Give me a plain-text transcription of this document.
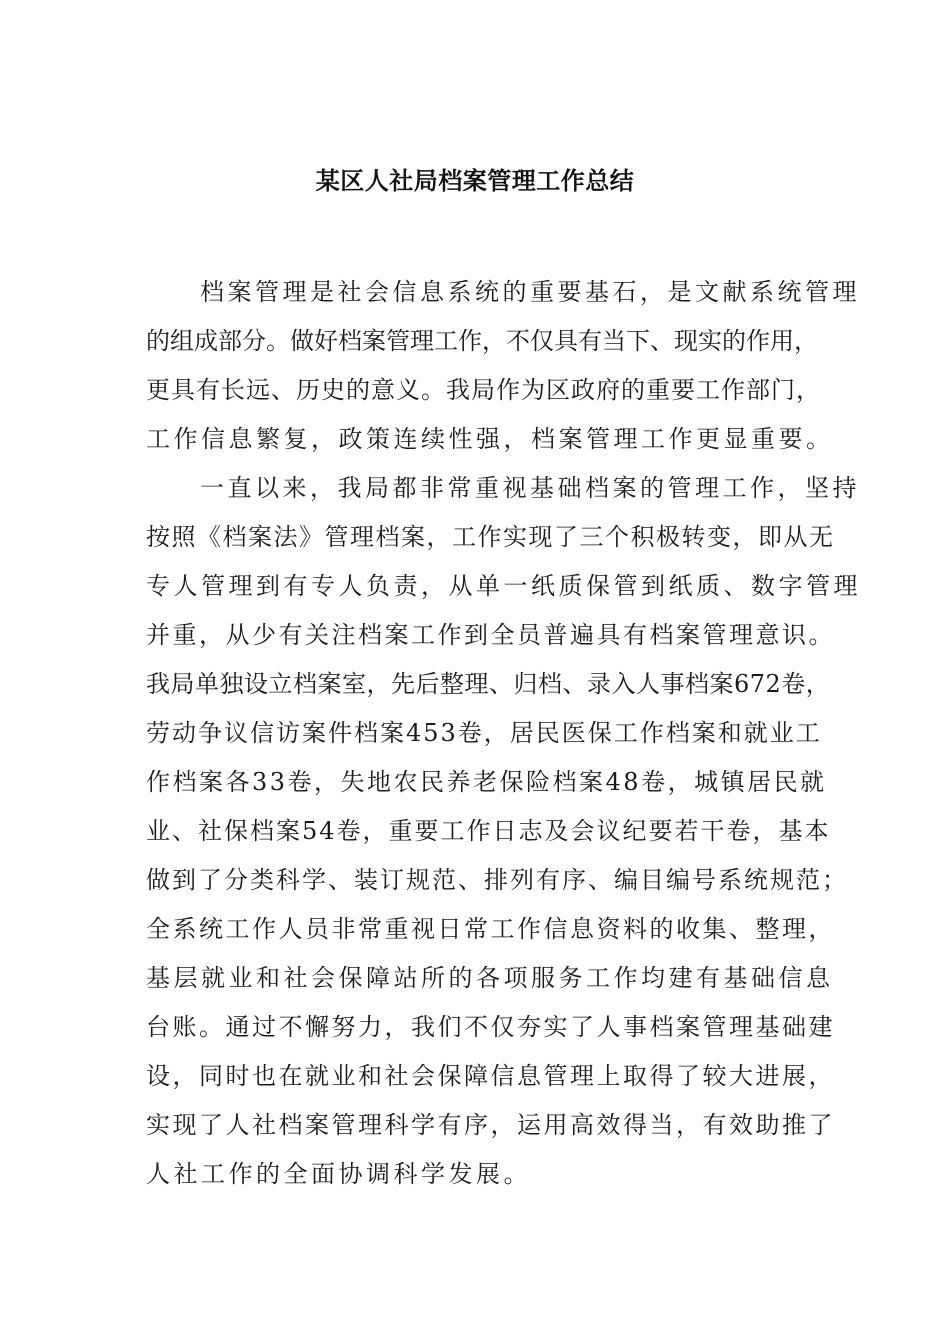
某区人社局档案管理工作总结
档案管理是社会信息系统的重要基石，是文献系统管理
的组成部分。做好档案管理工作，不仅具有当下、现实的作用，
更具有长远、历史的意义。我局作为区政府的重要工作部门，
工作信息繁复，政策连续性强，档案管理工作更显重要。
一直以来，我局都非常重视基础档案的管理工作，坚持
按照《档案法》管理档案，工作实现了三个积极转变，即从无
专人管理到有专人负责，从单一纸质保管到纸质、数字管理
并重，从少有关注档案工作到全员普遍具有档案管理意识。
我局单独设立档案室，先后整理、归档、录入人事档案672卷，
劳动争议信访案件档案453卷，居民医保工作档案和就业工
作档案各33卷，失地农民养老保险档案48卷，城镇居民就
业、社保档案54卷，重要工作日志及会议纪要若干卷，基本
做到了分类科学、装订规范、排列有序、编目编号系统规范；
全系统工作人员非常重视日常工作信息资料的收集、整理，
基层就业和社会保障站所的各项服务工作均建有基础信息
台账。通过不懈努力，我们不仅夯实了人事档案管理基础建
设，同时也在就业和社会保障信息管理上取得了较大进展，
实现了人社档案管理科学有序，运用高效得当，有效助推了
人社工作的全面协调科学发展。
